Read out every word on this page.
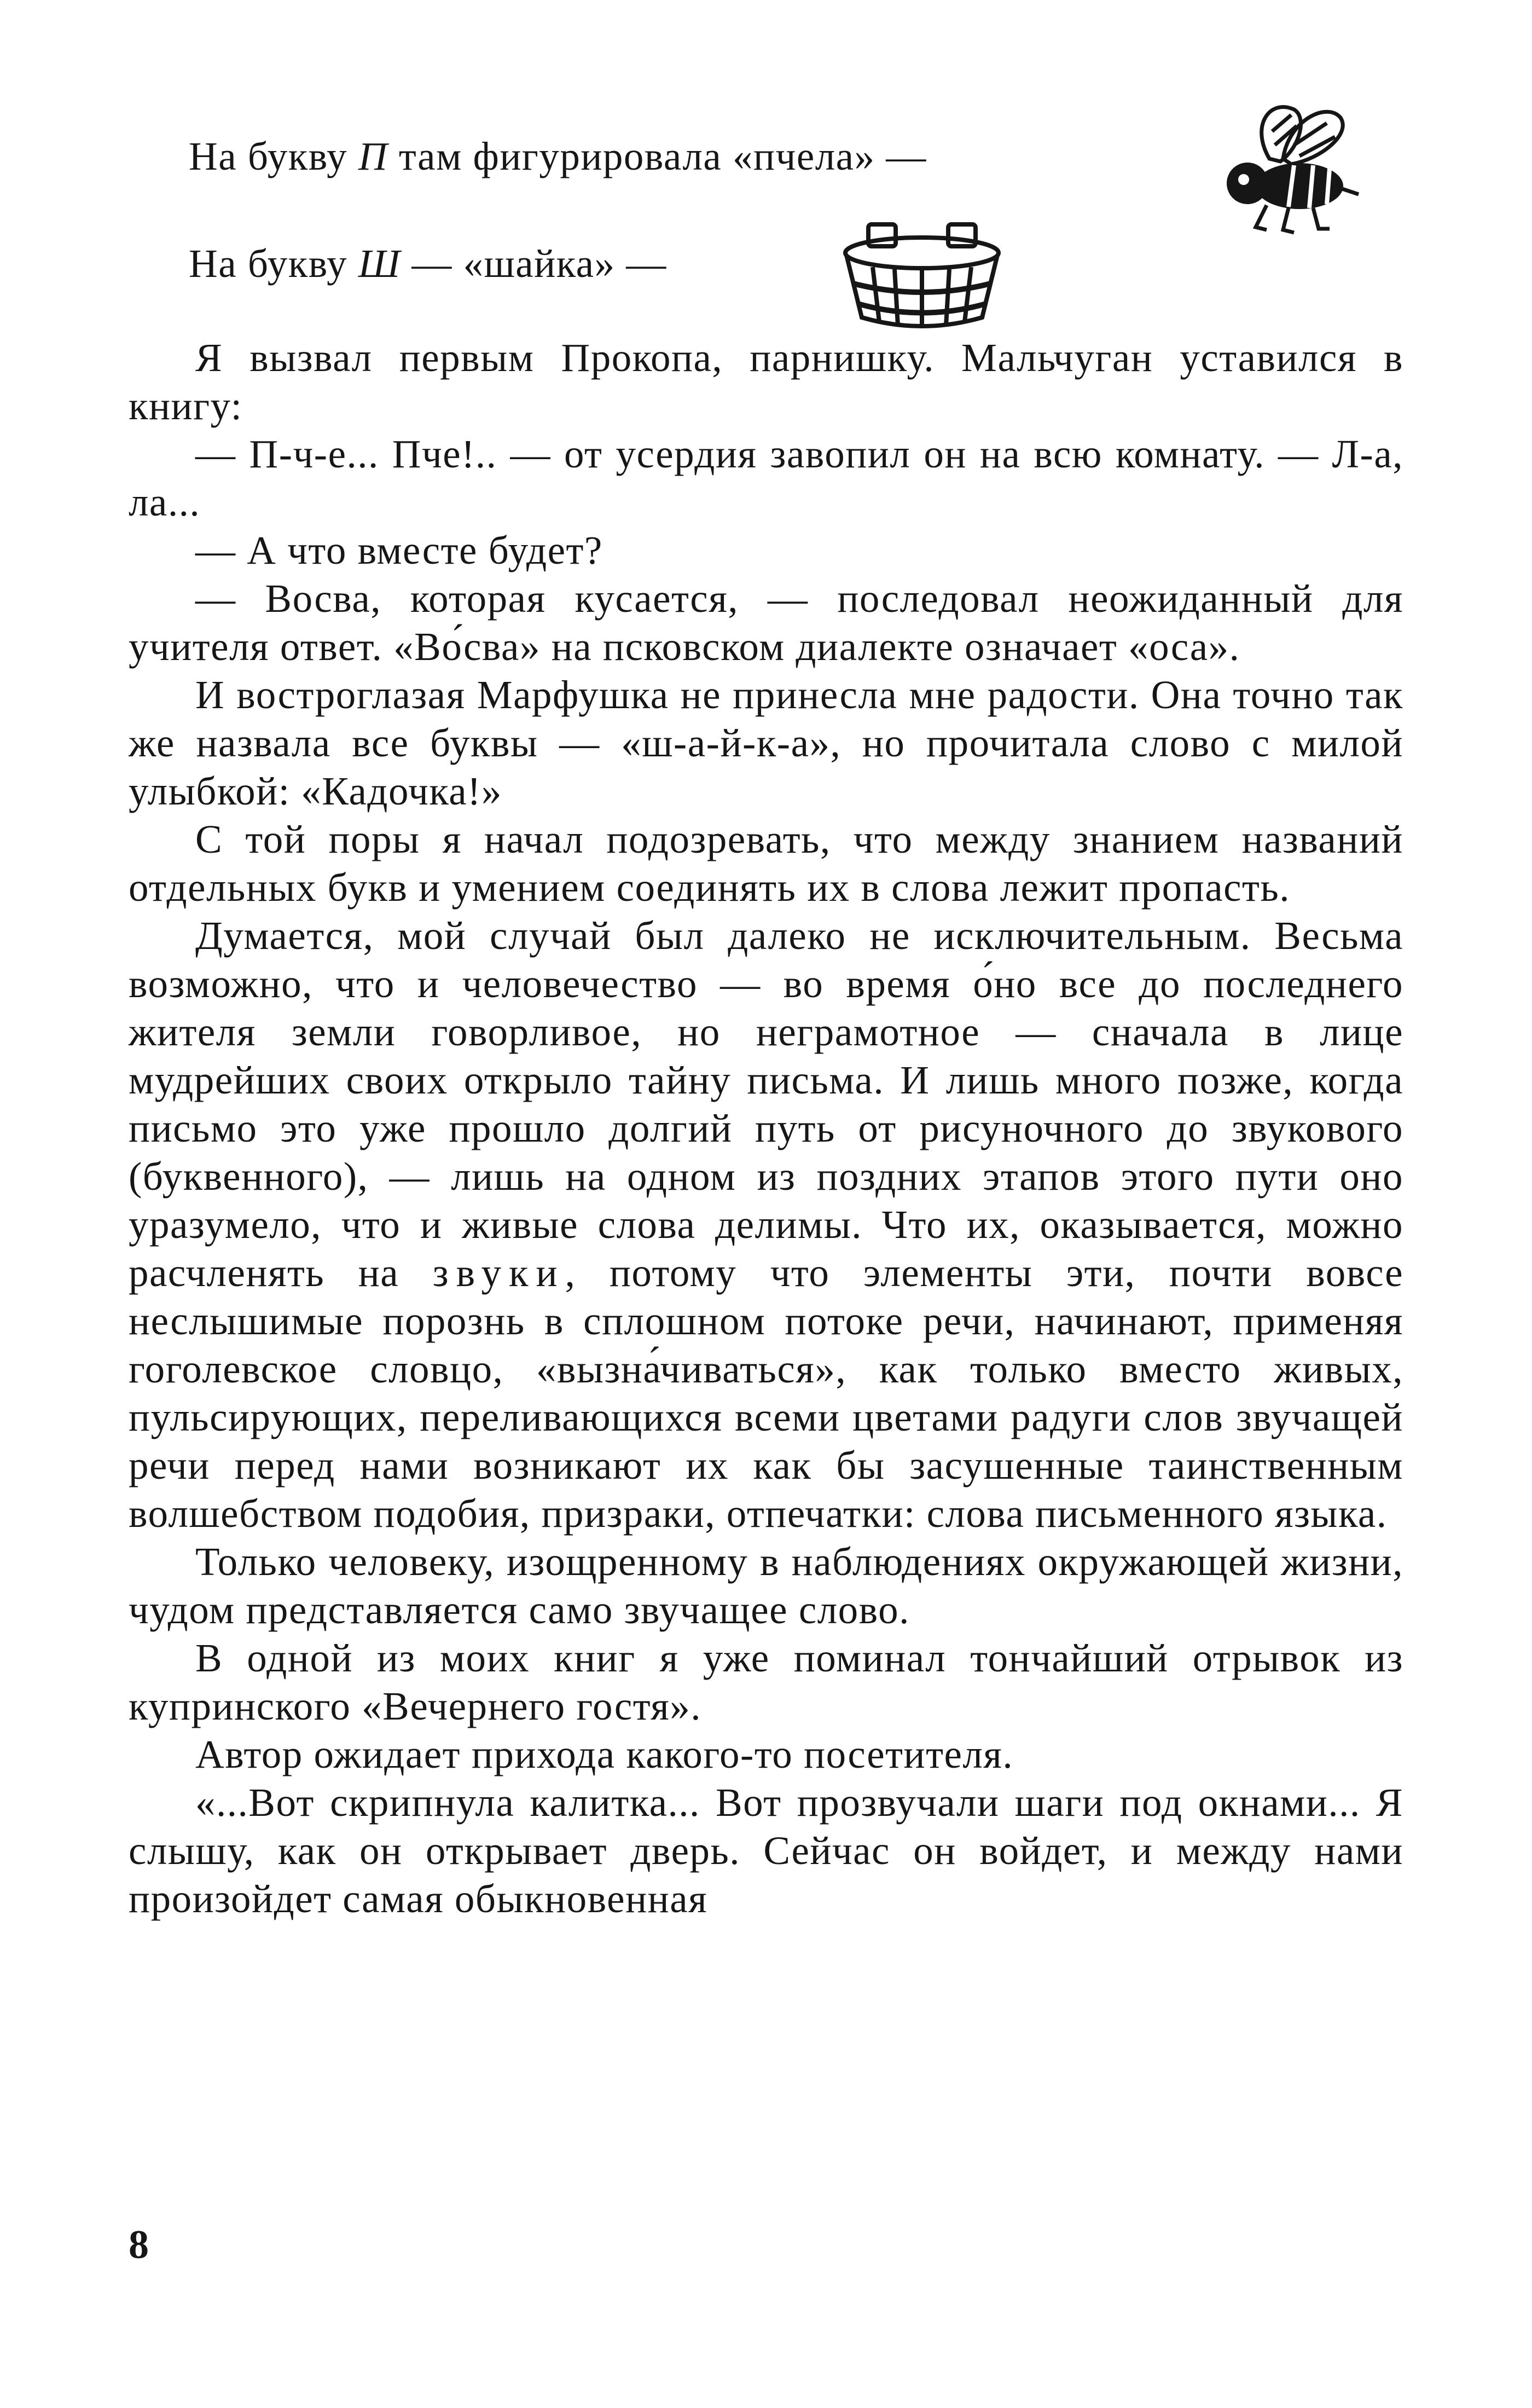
На букву П там фигурировала «пчела» —
На букву Ш — «шайка» —

Я вызвал первым Прокопа, парнишку. Мальчуган уставился в книгу:

— П-ч-е... Пче!.. — от усердия завопил он на всю комнату. — Л-а, ла...

— А что вместе будет?

— Восва, которая кусается, — последовал неожиданный для учителя ответ. «Во́сва» на псковском диалекте означает «оса».

И востроглазая Марфушка не принесла мне радости. Она точно так же назвала все буквы — «ш-а-й-к-а», но прочитала слово с милой улыбкой: «Кадочка!»

С той поры я начал подозревать, что между знанием названий отдельных букв и умением соединять их в слова лежит пропасть.

Думается, мой случай был далеко не исключительным. Весьма возможно, что и человечество — во время о́но все до последнего жителя земли говорливое, но неграмотное — сначала в лице мудрейших своих открыло тайну письма. И лишь много позже, когда письмо это уже прошло долгий путь от рисуночного до звукового (буквенного), — лишь на одном из поздних этапов этого пути оно уразумело, что и живые слова делимы. Что их, оказывается, можно расчленять на звуки, потому что элементы эти, почти вовсе неслышимые порознь в сплошном потоке речи, начинают, применяя гоголевское словцо, «вызна́чиваться», как только вместо живых, пульсирующих, переливающихся всеми цветами радуги слов звучащей речи перед нами возникают их как бы засушенные таинственным волшебством подобия, призраки, отпечатки: слова письменного языка.

Только человеку, изощренному в наблюдениях окружающей жизни, чудом представляется само звучащее слово.

В одной из моих книг я уже поминал тончайший отрывок из купринского «Вечернего гостя».

Автор ожидает прихода какого-то посетителя.

«...Вот скрипнула калитка... Вот прозвучали шаги под окнами... Я слышу, как он открывает дверь. Сейчас он войдет, и между нами произойдет самая обыкновенная

8
